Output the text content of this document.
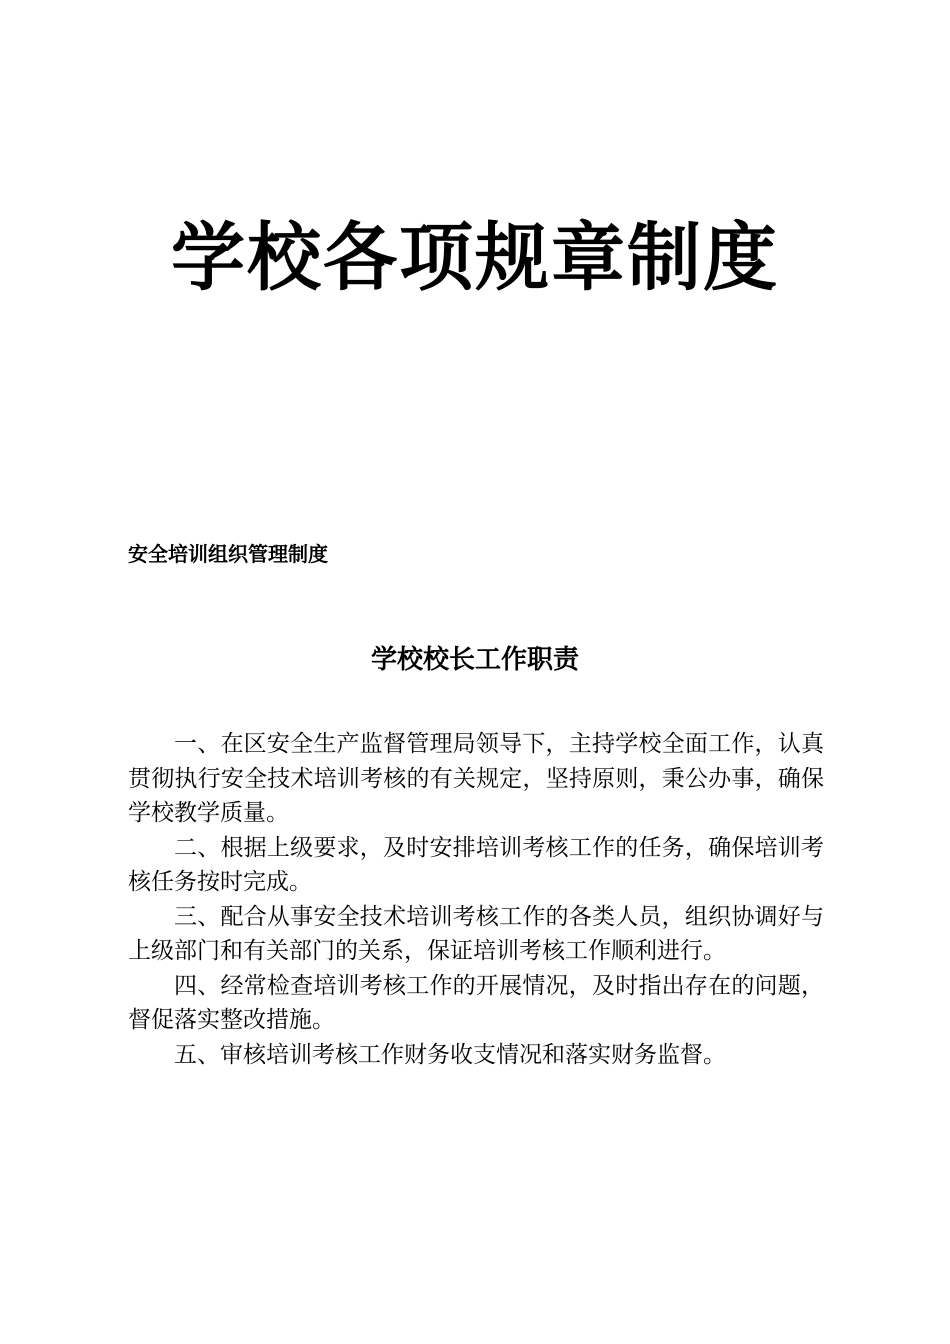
学校各项规章制度
安全培训组织管理制度
学校校长工作职责

一、在区安全生产监督管理局领导下，主持学校全面工作，认真贯彻执行安全技术培训考核的有关规定，坚持原则，秉公办事，确保学校教学质量。

二、根据上级要求，及时安排培训考核工作的任务，确保培训考核任务按时完成。

三、配合从事安全技术培训考核工作的各类人员，组织协调好与上级部门和有关部门的关系，保证培训考核工作顺利进行。

四、经常检查培训考核工作的开展情况，及时指出存在的问题，督促落实整改措施。

五、审核培训考核工作财务收支情况和落实财务监督。
